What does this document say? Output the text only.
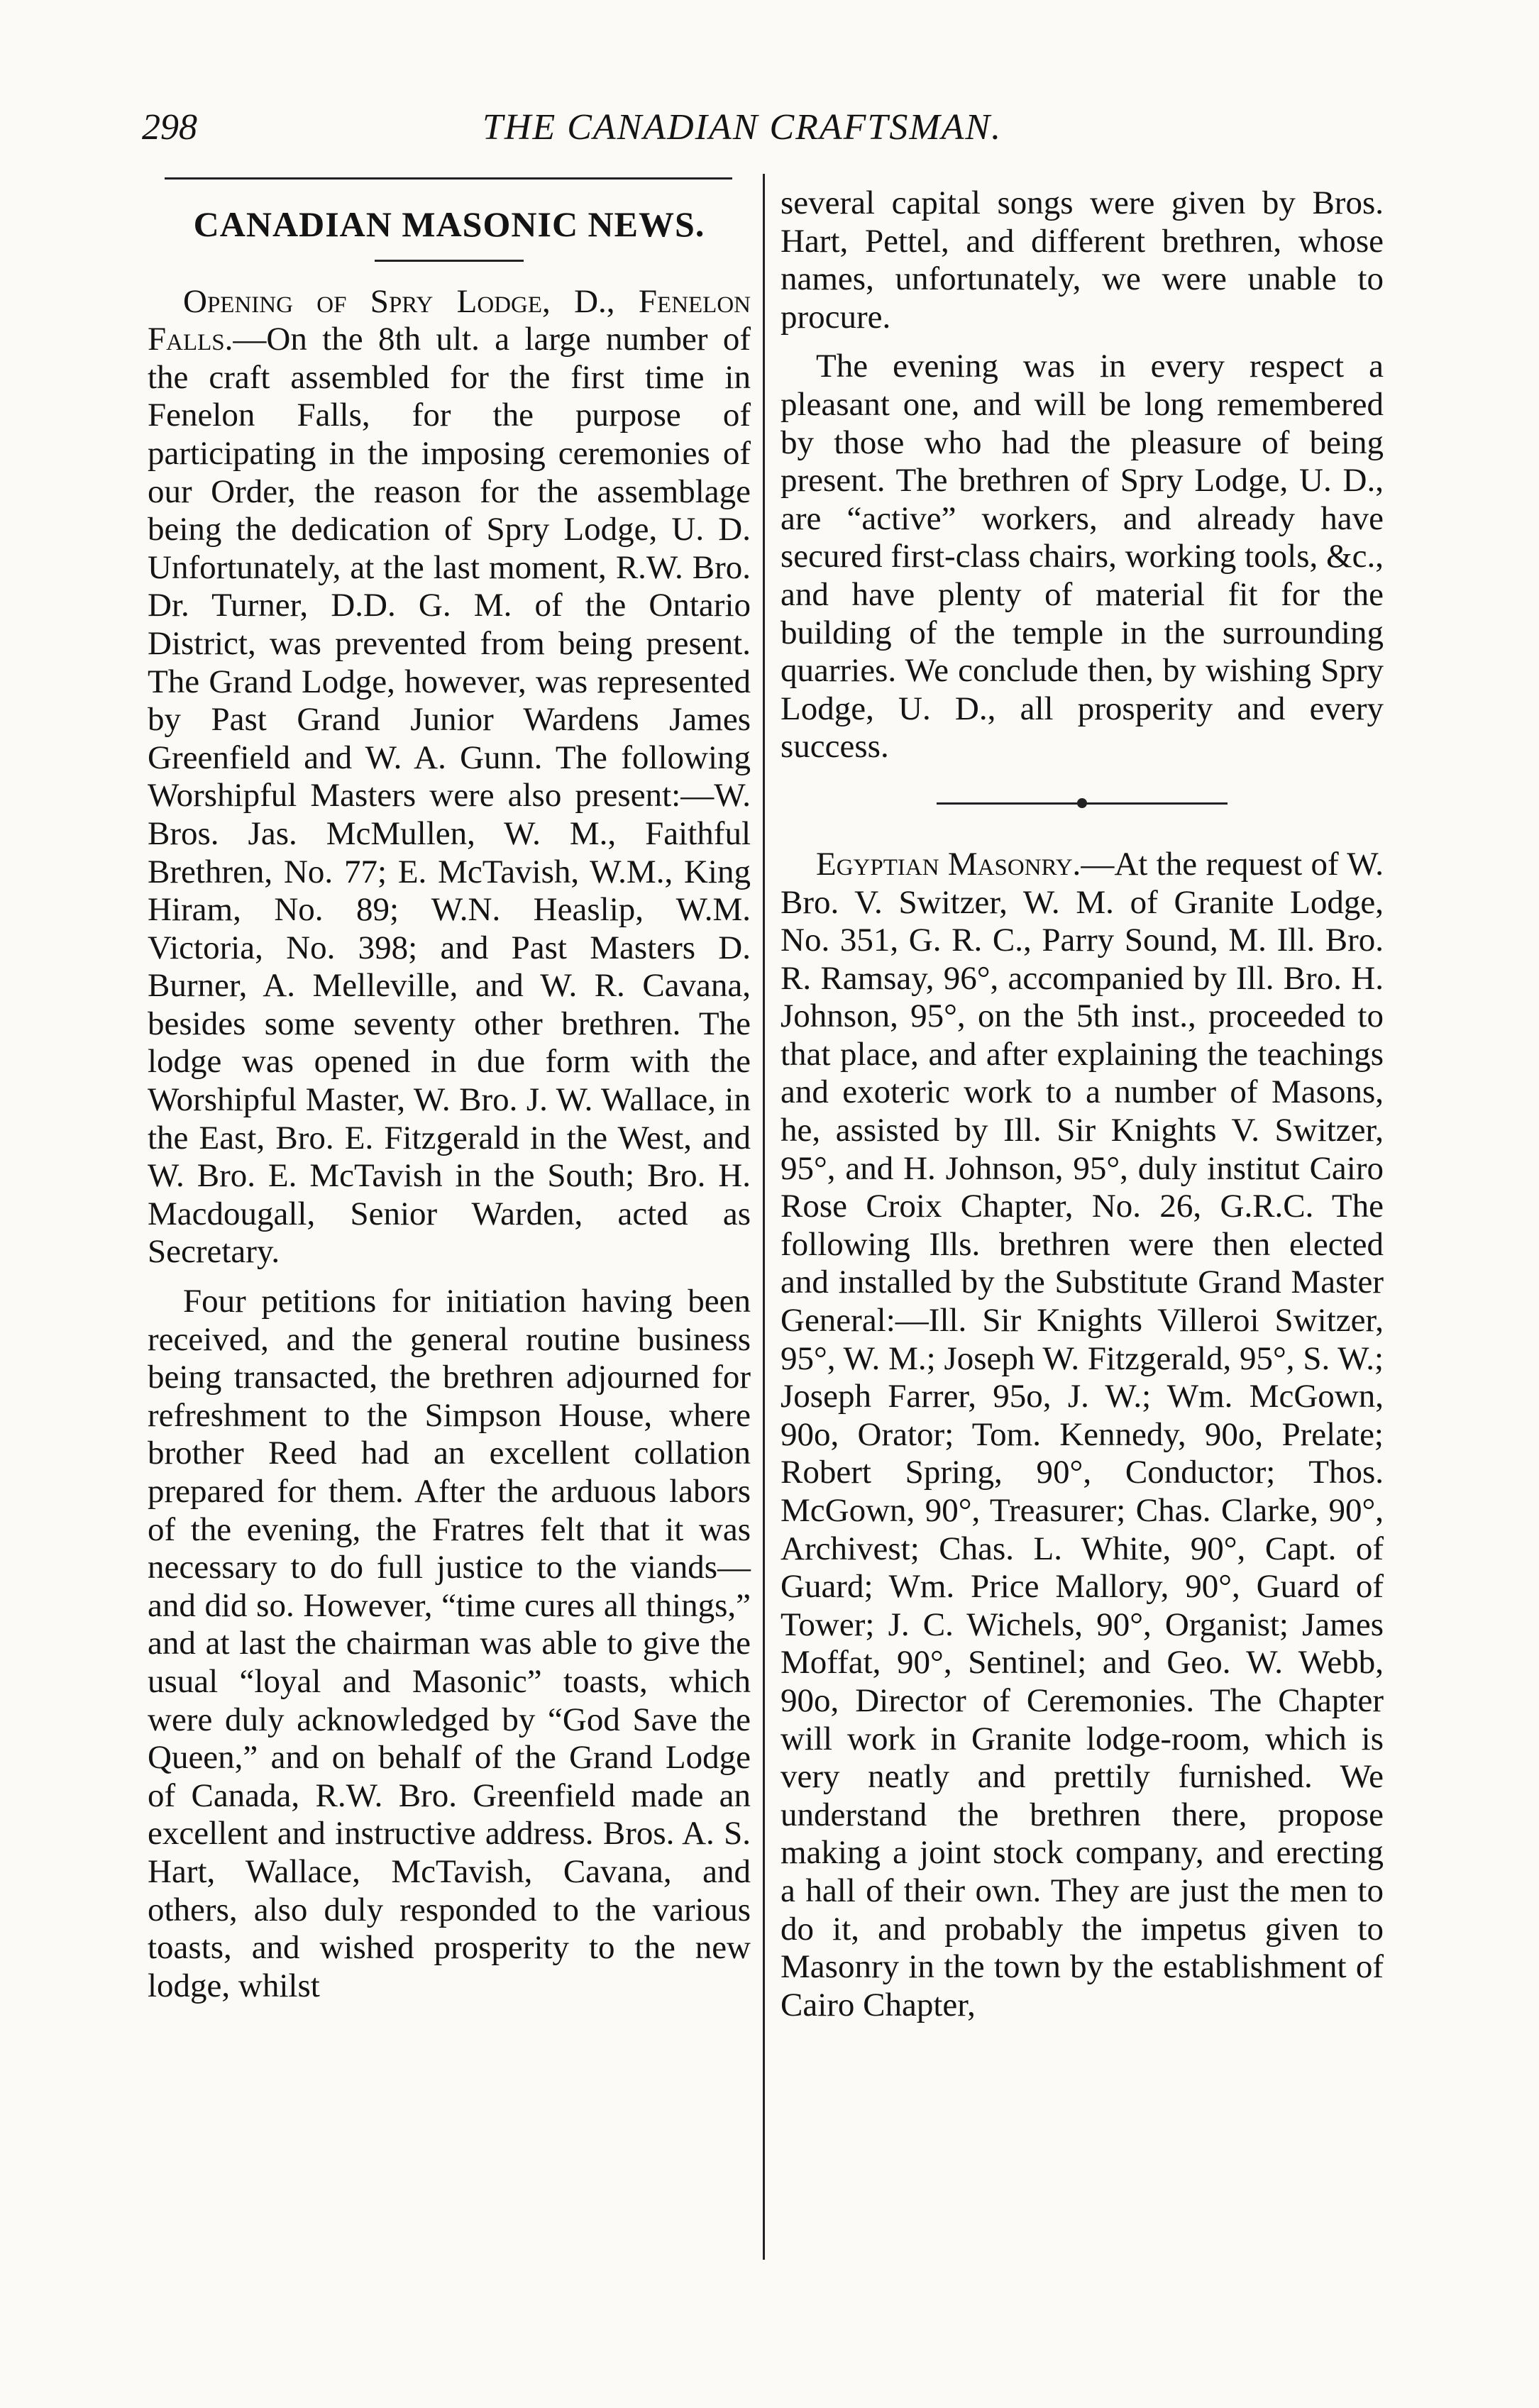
298	THE CANADIAN CRAFTSMAN.
CANADIAN MASONIC NEWS.

Opening of Spry Lodge, D., Fenelon Falls.—On the 8th ult. a large number of the craft assembled for the first time in Fenelon Falls, for the purpose of participating in the imposing ceremonies of our Order, the reason for the assemblage being the dedication of Spry Lodge, U. D. Unfortunately, at the last moment, R.W. Bro. Dr. Turner, D.D. G. M. of the Ontario District, was prevented from being present. The Grand Lodge, however, was represented by Past Grand Junior Wardens James Greenfield and W. A. Gunn. The following Worshipful Masters were also present:—W. Bros. Jas. McMullen, W. M., Faithful Brethren, No. 77; E. McTavish, W.M., King Hiram, No. 89; W.N. Heaslip, W.M. Victoria, No. 398; and Past Masters D. Burner, A. Melleville, and W. R. Cavana, besides some seventy other brethren. The lodge was opened in due form with the Worshipful Master, W. Bro. J. W. Wallace, in the East, Bro. E. Fitzgerald in the West, and W. Bro. E. McTavish in the South; Bro. H. Macdougall, Senior Warden, acted as Secretary.

Four petitions for initiation having been received, and the general routine business being transacted, the brethren adjourned for refreshment to the Simpson House, where brother Reed had an excellent collation prepared for them. After the arduous labors of the evening, the Fratres felt that it was necessary to do full justice to the viands—and did so. However, “time cures all things,” and at last the chairman was able to give the usual “loyal and Masonic” toasts, which were duly acknowledged by “God Save the Queen,” and on behalf of the Grand Lodge of Canada, R.W. Bro. Greenfield made an excellent and instructive address. Bros. A. S. Hart, Wallace, McTavish, Cavana, and others, also duly responded to the various toasts, and wished prosperity to the new lodge, whilst

several capital songs were given by Bros. Hart, Pettel, and different brethren, whose names, unfortunately, we were unable to procure.

The evening was in every respect a pleasant one, and will be long remembered by those who had the pleasure of being present. The brethren of Spry Lodge, U. D., are “active” workers, and already have secured first-class chairs, working tools, &c., and have plenty of material fit for the building of the temple in the surrounding quarries. We conclude then, by wishing Spry Lodge, U. D., all prosperity and every success.

Egyptian Masonry.—At the request of W. Bro. V. Switzer, W. M. of Granite Lodge, No. 351, G. R. C., Parry Sound, M. Ill. Bro. R. Ramsay, 96°, accompanied by Ill. Bro. H. Johnson, 95°, on the 5th inst., proceeded to that place, and after explaining the teachings and exoteric work to a number of Masons, he, assisted by Ill. Sir Knights V. Switzer, 95°, and H. Johnson, 95°, duly institut Cairo Rose Croix Chapter, No. 26, G.R.C. The following Ills. brethren were then elected and installed by the Substitute Grand Master General:—Ill. Sir Knights Villeroi Switzer, 95°, W. M.; Joseph W. Fitzgerald, 95°, S. W.; Joseph Farrer, 95o, J. W.; Wm. McGown, 90o, Orator; Tom. Kennedy, 90o, Prelate; Robert Spring, 90°, Conductor; Thos. McGown, 90°, Treasurer; Chas. Clarke, 90°, Archivest; Chas. L. White, 90°, Capt. of Guard; Wm. Price Mallory, 90°, Guard of Tower; J. C. Wichels, 90°, Organist; James Moffat, 90°, Sentinel; and Geo. W. Webb, 90o, Director of Ceremonies. The Chapter will work in Granite lodge-room, which is very neatly and prettily furnished. We understand the brethren there, propose making a joint stock company, and erecting a hall of their own. They are just the men to do it, and probably the impetus given to Masonry in the town by the establishment of Cairo Chapter,
